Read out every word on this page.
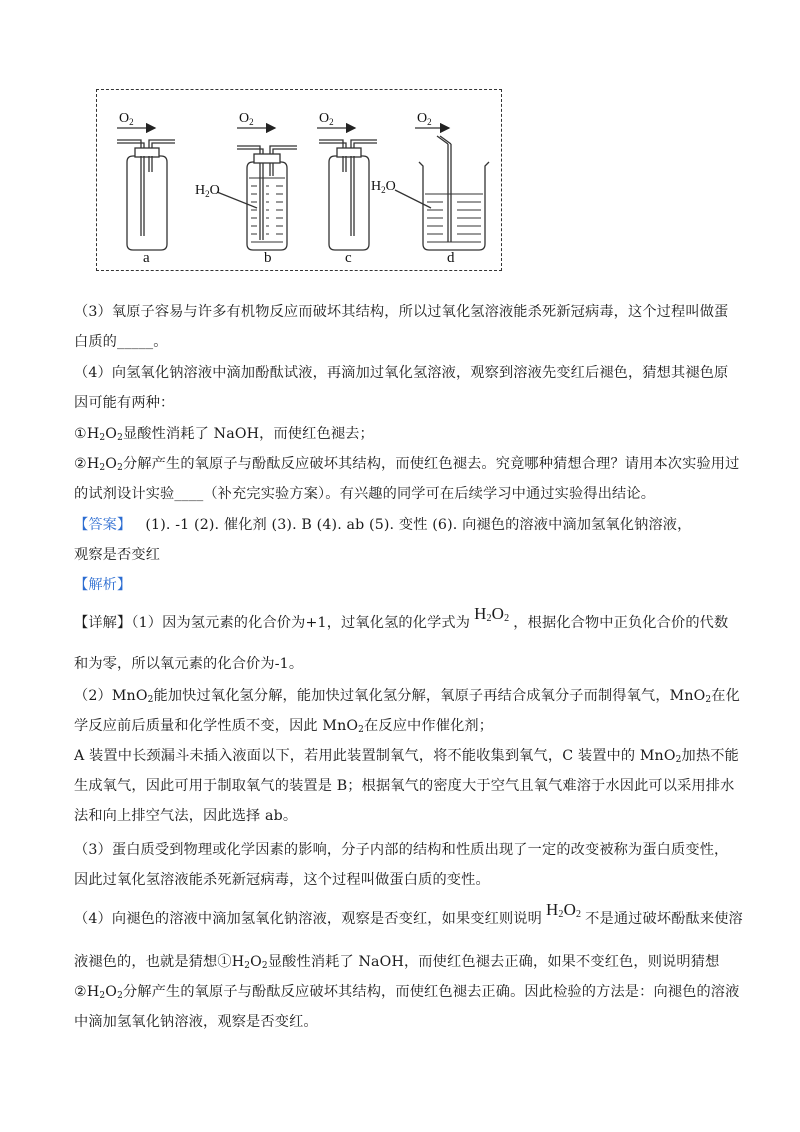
$O_2$	$O_2$	$O_2$	$O_2$
$H_2O$	$H_2O$
a	b	c	d
（3）氧原子容易与许多有机物反应而破坏其结构，所以过氧化氢溶液能杀死新冠病毒，这个过程叫做蛋
白质的_____。
（4）向氢氧化钠溶液中滴加酚酞试液，再滴加过氧化氢溶液，观察到溶液先变红后褪色，猜想其褪色原
因可能有两种：
$①H_2O_2$显酸性消耗了 NaOH，而使红色褪去；
$②H_2O_2$分解产生的氧原子与酚酞反应破坏其结构，而使红色褪去。究竟哪种猜想合理？请用本次实验用过
的试剂设计实验____（补充完实验方案）。有兴趣的同学可在后续学习中通过实验得出结论。
【答案】 (1). -1 (2). 催化剂 (3). B (4). ab (5). 变性 (6). 向褪色的溶液中滴加氢氧化钠溶液，
观察是否变红
【解析】
【详解】（1）因为氢元素的化合价为+1，过氧化氢的化学式为 $H_2O_2$ ，根据化合物中正负化合价的代数
和为零，所以氧元素的化合价为-1。
（2）MnO$_2$能加快过氧化氢分解，能加快过氧化氢分解，氧原子再结合成氧分子而制得氧气，MnO$_2$在化
学反应前后质量和化学性质不变，因此 MnO$_2$在反应中作催化剂；
A 装置中长颈漏斗未插入液面以下，若用此装置制氧气，将不能收集到氧气，C 装置中的 MnO$_2$加热不能
生成氧气，因此可用于制取氧气的装置是 B；根据氧气的密度大于空气且氧气难溶于水因此可以采用排水
法和向上排空气法，因此选择 ab。
（3）蛋白质受到物理或化学因素的影响，分子内部的结构和性质出现了一定的改变被称为蛋白质变性，
因此过氧化氢溶液能杀死新冠病毒，这个过程叫做蛋白质的变性。
（4）向褪色的溶液中滴加氢氧化钠溶液，观察是否变红，如果变红则说明 $H_2O_2$ 不是通过破坏酚酞来使溶
液褪色的，也就是猜想$①H_2O_2$显酸性消耗了 NaOH，而使红色褪去正确，如果不变红色，则说明猜想
$②H_2O_2$分解产生的氧原子与酚酞反应破坏其结构，而使红色褪去正确。因此检验的方法是：向褪色的溶液
中滴加氢氧化钠溶液，观察是否变红。
